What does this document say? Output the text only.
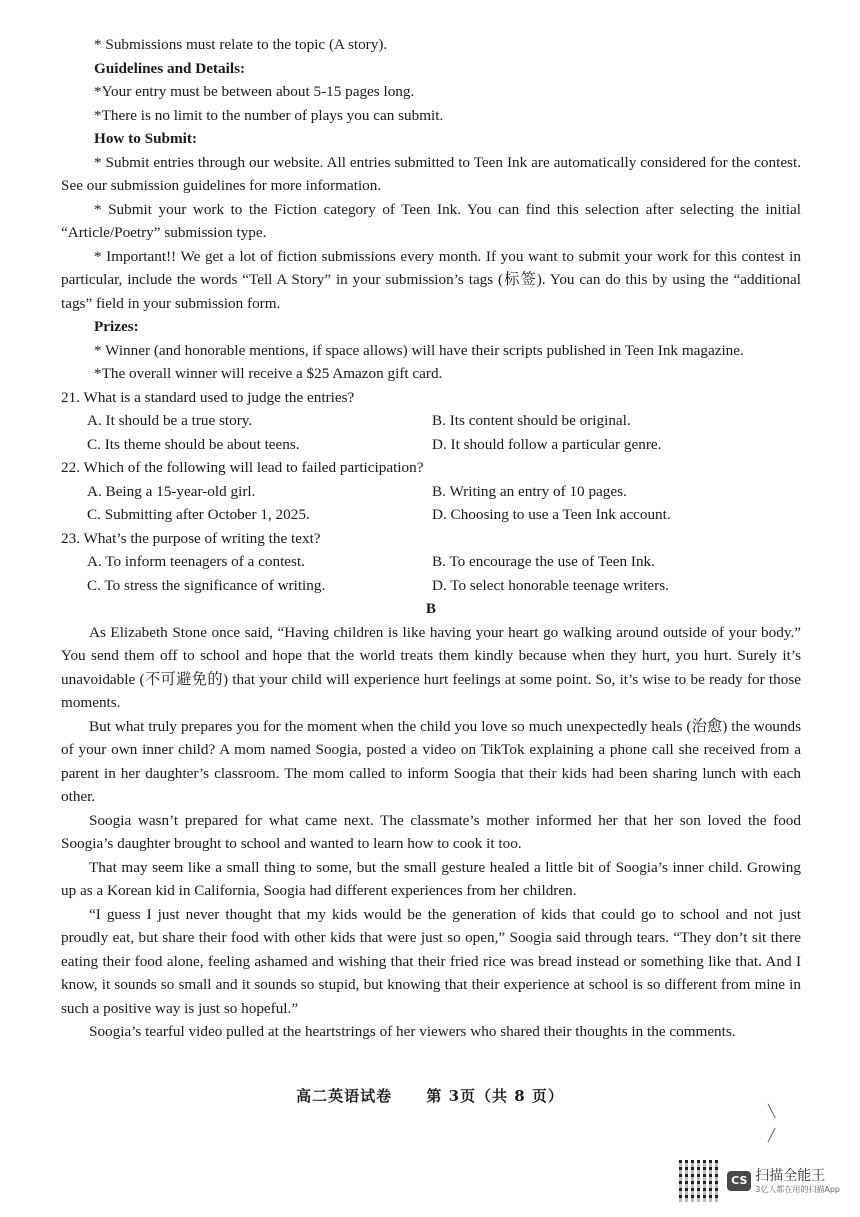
* Submissions must relate to the topic (A story).

Guidelines and Details:

*Your entry must be between about 5-15 pages long.

*There is no limit to the number of plays you can submit.

How to Submit:

* Submit entries through our website. All entries submitted to Teen Ink are automatically considered for the contest. See our submission guidelines for more information.

* Submit your work to the Fiction category of Teen Ink. You can find this selection after selecting the initial “Article/Poetry” submission type.

* Important!! We get a lot of fiction submissions every month. If you want to submit your work for this contest in particular, include the words “Tell A Story” in your submission’s tags (标签). You can do this by using the “additional tags” field in your submission form.

Prizes:

* Winner (and honorable mentions, if space allows) will have their scripts published in Teen Ink magazine.

*The overall winner will receive a $25 Amazon gift card.

21. What is a standard used to judge the entries?

A. It should be a true story.	B. Its content should be original.
C. Its theme should be about teens.	D. It should follow a particular genre.

22. Which of the following will lead to failed participation?

A. Being a 15-year-old girl.	B. Writing an entry of 10 pages.
C. Submitting after October 1, 2025.	D. Choosing to use a Teen Ink account.

23. What’s the purpose of writing the text?

A. To inform teenagers of a contest.	B. To encourage the use of Teen Ink.
C. To stress the significance of writing.	D. To select honorable teenage writers.

B

As Elizabeth Stone once said, “Having children is like having your heart go walking around outside of your body.” You send them off to school and hope that the world treats them kindly because when they hurt, you hurt. Surely it’s unavoidable (不可避免的) that your child will experience hurt feelings at some point. So, it’s wise to be ready for those moments.

But what truly prepares you for the moment when the child you love so much unexpectedly heals (治愈) the wounds of your own inner child? A mom named Soogia, posted a video on TikTok explaining a phone call she received from a parent in her daughter’s classroom. The mom called to inform Soogia that their kids had been sharing lunch with each other.

Soogia wasn’t prepared for what came next. The classmate’s mother informed her that her son loved the food Soogia’s daughter brought to school and wanted to learn how to cook it too.

That may seem like a small thing to some, but the small gesture healed a little bit of Soogia’s inner child. Growing up as a Korean kid in California, Soogia had different experiences from her children.

“I guess I just never thought that my kids would be the generation of kids that could go to school and not just proudly eat, but share their food with other kids that were just so open,” Soogia said through tears. “They don’t sit there eating their food alone, feeling ashamed and wishing that their fried rice was bread instead or something like that. And I know, it sounds so small and it sounds so stupid, but knowing that their experience at school is so different from mine in such a positive way is just so hopeful.”

Soogia’s tearful video pulled at the heartstrings of her viewers who shared their thoughts in the comments.

高二英语试卷 第 3页（共 8 页）
╲
╱
CS 扫描全能王
3亿人都在用的扫描App
